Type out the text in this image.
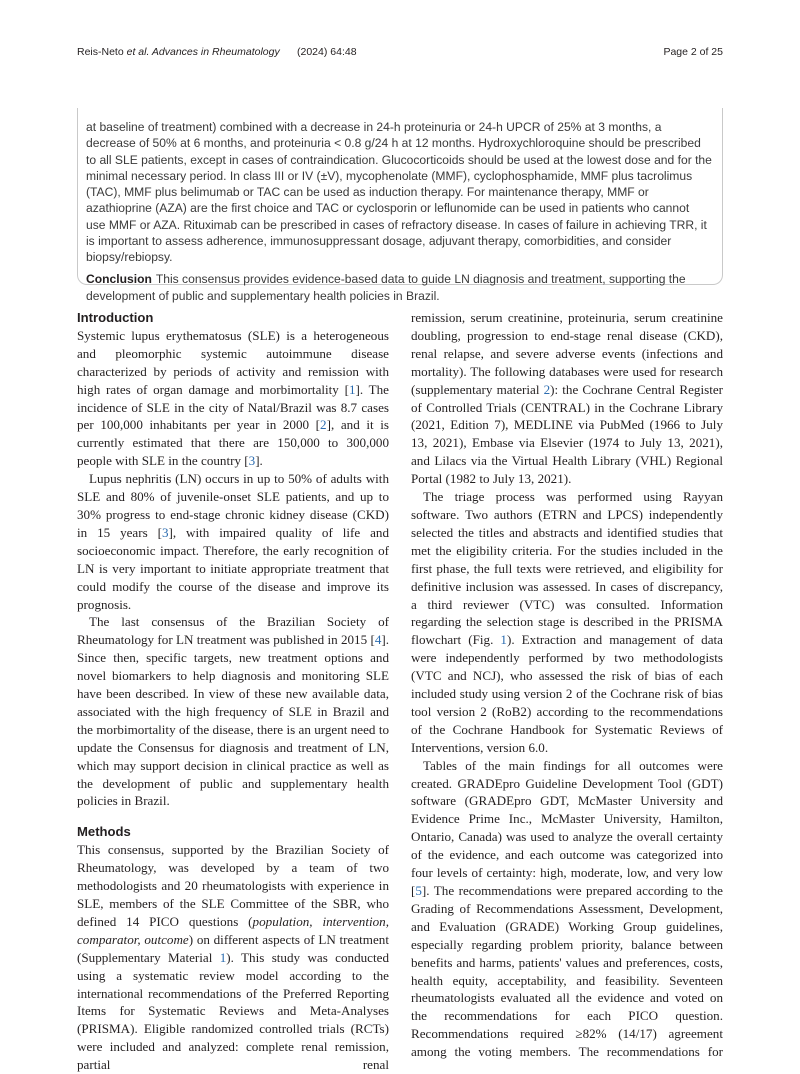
Reis-Neto et al. Advances in Rheumatology (2024) 64:48	Page 2 of 25

at baseline of treatment) combined with a decrease in 24-h proteinuria or 24-h UPCR of 25% at 3 months, a decrease of 50% at 6 months, and proteinuria < 0.8 g/24 h at 12 months. Hydroxychloroquine should be prescribed to all SLE patients, except in cases of contraindication. Glucocorticoids should be used at the lowest dose and for the minimal necessary period. In class III or IV (±V), mycophenolate (MMF), cyclophosphamide, MMF plus tacrolimus (TAC), MMF plus belimumab or TAC can be used as induction therapy. For maintenance therapy, MMF or azathioprine (AZA) are the first choice and TAC or cyclosporin or leflunomide can be used in patients who cannot use MMF or AZA. Rituximab can be prescribed in cases of refractory disease. In cases of failure in achieving TRR, it is important to assess adherence, immunosuppressant dosage, adjuvant therapy, comorbidities, and consider biopsy/rebiopsy.

Conclusion This consensus provides evidence-based data to guide LN diagnosis and treatment, supporting the development of public and supplementary health policies in Brazil.

Introduction

Systemic lupus erythematosus (SLE) is a heterogeneous and pleomorphic systemic autoimmune disease characterized by periods of activity and remission with high rates of organ damage and morbimortality [1]. The incidence of SLE in the city of Natal/Brazil was 8.7 cases per 100,000 inhabitants per year in 2000 [2], and it is currently estimated that there are 150,000 to 300,000 people with SLE in the country [3].

Lupus nephritis (LN) occurs in up to 50% of adults with SLE and 80% of juvenile-onset SLE patients, and up to 30% progress to end-stage chronic kidney disease (CKD) in 15 years [3], with impaired quality of life and socioeconomic impact. Therefore, the early recognition of LN is very important to initiate appropriate treatment that could modify the course of the disease and improve its prognosis.

The last consensus of the Brazilian Society of Rheumatology for LN treatment was published in 2015 [4]. Since then, specific targets, new treatment options and novel biomarkers to help diagnosis and monitoring SLE have been described. In view of these new available data, associated with the high frequency of SLE in Brazil and the morbimortality of the disease, there is an urgent need to update the Consensus for diagnosis and treatment of LN, which may support decision in clinical practice as well as the development of public and supplementary health policies in Brazil.

Methods

This consensus, supported by the Brazilian Society of Rheumatology, was developed by a team of two methodologists and 20 rheumatologists with experience in SLE, members of the SLE Committee of the SBR, who defined 14 PICO questions (population, intervention, comparator, outcome) on different aspects of LN treatment (Supplementary Material 1). This study was conducted using a systematic review model according to the international recommendations of the Preferred Reporting Items for Systematic Reviews and Meta-Analyses (PRISMA). Eligible randomized controlled trials (RCTs) were included and analyzed: complete renal remission, partial renal

remission, serum creatinine, proteinuria, serum creatinine doubling, progression to end-stage renal disease (CKD), renal relapse, and severe adverse events (infections and mortality). The following databases were used for research (supplementary material 2): the Cochrane Central Register of Controlled Trials (CENTRAL) in the Cochrane Library (2021, Edition 7), MEDLINE via PubMed (1966 to July 13, 2021), Embase via Elsevier (1974 to July 13, 2021), and Lilacs via the Virtual Health Library (VHL) Regional Portal (1982 to July 13, 2021).

The triage process was performed using Rayyan software. Two authors (ETRN and LPCS) independently selected the titles and abstracts and identified studies that met the eligibility criteria. For the studies included in the first phase, the full texts were retrieved, and eligibility for definitive inclusion was assessed. In cases of discrepancy, a third reviewer (VTC) was consulted. Information regarding the selection stage is described in the PRISMA flowchart (Fig. 1). Extraction and management of data were independently performed by two methodologists (VTC and NCJ), who assessed the risk of bias of each included study using version 2 of the Cochrane risk of bias tool version 2 (RoB2) according to the recommendations of the Cochrane Handbook for Systematic Reviews of Interventions, version 6.0.

Tables of the main findings for all outcomes were created. GRADEpro Guideline Development Tool (GDT) software (GRADEpro GDT, McMaster University and Evidence Prime Inc., McMaster University, Hamilton, Ontario, Canada) was used to analyze the overall certainty of the evidence, and each outcome was categorized into four levels of certainty: high, moderate, low, and very low [5]. The recommendations were prepared according to the Grading of Recommendations Assessment, Development, and Evaluation (GRADE) Working Group guidelines, especially regarding problem priority, balance between benefits and harms, patients' values and preferences, costs, health equity, acceptability, and feasibility. Seventeen rheumatologists evaluated all the evidence and voted on the recommendations for each PICO question. Recommendations required ≥82% (14/17) agreement among the voting members. The recommendations for
